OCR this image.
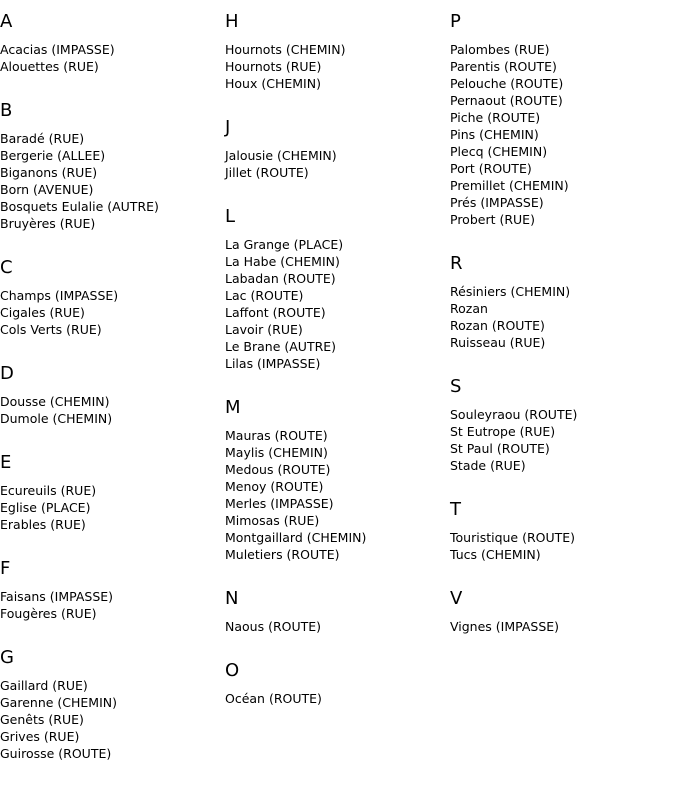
A
Acacias (IMPASSE)
Alouettes (RUE)
B
Baradé (RUE)
Bergerie (ALLEE)
Biganons (RUE)
Born (AVENUE)
Bosquets Eulalie (AUTRE)
Bruyères (RUE)
C
Champs (IMPASSE)
Cigales (RUE)
Cols Verts (RUE)
D
Dousse (CHEMIN)
Dumole (CHEMIN)
E
Ecureuils (RUE)
Eglise (PLACE)
Erables (RUE)
F
Faisans (IMPASSE)
Fougères (RUE)
G
Gaillard (RUE)
Garenne (CHEMIN)
Genêts (RUE)
Grives (RUE)
Guirosse (ROUTE)
H
Hournots (CHEMIN)
Hournots (RUE)
Houx (CHEMIN)
J
Jalousie (CHEMIN)
Jillet (ROUTE)
L
La Grange (PLACE)
La Habe (CHEMIN)
Labadan (ROUTE)
Lac (ROUTE)
Laffont (ROUTE)
Lavoir (RUE)
Le Brane (AUTRE)
Lilas (IMPASSE)
M
Mauras (ROUTE)
Maylis (CHEMIN)
Medous (ROUTE)
Menoy (ROUTE)
Merles (IMPASSE)
Mimosas (RUE)
Montgaillard (CHEMIN)
Muletiers (ROUTE)
N
Naous (ROUTE)
O
Océan (ROUTE)
P
Palombes (RUE)
Parentis (ROUTE)
Pelouche (ROUTE)
Pernaout (ROUTE)
Piche (ROUTE)
Pins (CHEMIN)
Plecq (CHEMIN)
Port (ROUTE)
Premillet (CHEMIN)
Prés (IMPASSE)
Probert (RUE)
R
Résiniers (CHEMIN)
Rozan
Rozan (ROUTE)
Ruisseau (RUE)
S
Souleyraou (ROUTE)
St Eutrope (RUE)
St Paul (ROUTE)
Stade (RUE)
T
Touristique (ROUTE)
Tucs (CHEMIN)
V
Vignes (IMPASSE)
